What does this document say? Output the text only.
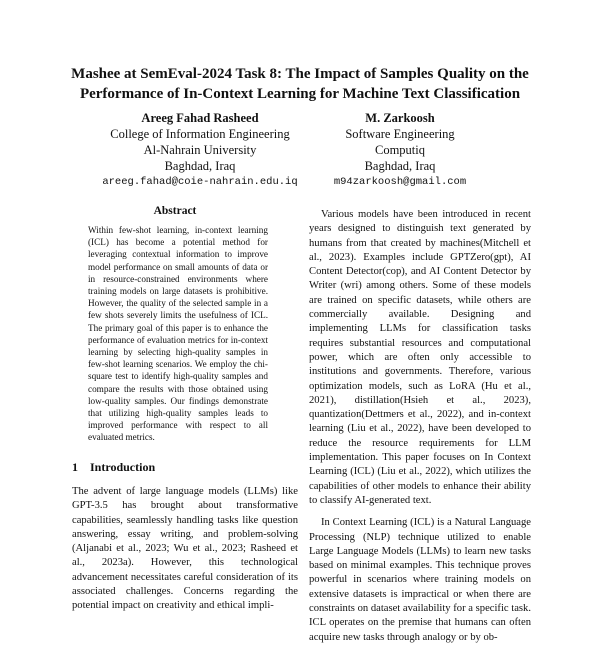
Mashee at SemEval-2024 Task 8: The Impact of Samples Quality on the Performance of In-Context Learning for Machine Text Classification
Areeg Fahad Rasheed
College of Information Engineering
Al-Nahrain University
Baghdad, Iraq
areeg.fahad@coie-nahrain.edu.iq
M. Zarkoosh
Software Engineering
Computiq
Baghdad, Iraq
m94zarkoosh@gmail.com
Abstract
Within few-shot learning, in-context learning (ICL) has become a potential method for leveraging contextual information to improve model performance on small amounts of data or in resource-constrained environments where training models on large datasets is prohibitive. However, the quality of the selected sample in a few shots severely limits the usefulness of ICL. The primary goal of this paper is to enhance the performance of evaluation metrics for in-context learning by selecting high-quality samples in few-shot learning scenarios. We employ the chi-square test to identify high-quality samples and compare the results with those obtained using low-quality samples. Our findings demonstrate that utilizing high-quality samples leads to improved performance with respect to all evaluated metrics.
1 Introduction
The advent of large language models (LLMs) like GPT-3.5 has brought about transformative capabilities, seamlessly handling tasks like question answering, essay writing, and problem-solving (Aljanabi et al., 2023; Wu et al., 2023; Rasheed et al., 2023a). However, this technological advancement necessitates careful consideration of its associated challenges. Concerns regarding the potential impact on creativity and ethical impli-

Various models have been introduced in recent years designed to distinguish text generated by humans from that created by machines(Mitchell et al., 2023). Examples include GPTZero(gpt), AI Content Detector(cop), and AI Content Detector by Writer (wri) among others. Some of these models are trained on specific datasets, while others are commercially available. Designing and implementing LLMs for classification tasks requires substantial resources and computational power, which are often only accessible to institutions and governments. Therefore, various optimization models, such as LoRA (Hu et al., 2021), distillation(Hsieh et al., 2023), quantization(Dettmers et al., 2022), and in-context learning (Liu et al., 2022), have been developed to reduce the resource requirements for LLM implementation. This paper focuses on In Context Learning (ICL) (Liu et al., 2022), which utilizes the capabilities of other models to enhance their ability to classify AI-generated text.

In Context Learning (ICL) is a Natural Language Processing (NLP) technique utilized to enable Large Language Models (LLMs) to learn new tasks based on minimal examples. This technique proves powerful in scenarios where training models on extensive datasets is impractical or when there are constraints on dataset availability for a specific task. ICL operates on the premise that humans can often acquire new tasks through analogy or by ob-
